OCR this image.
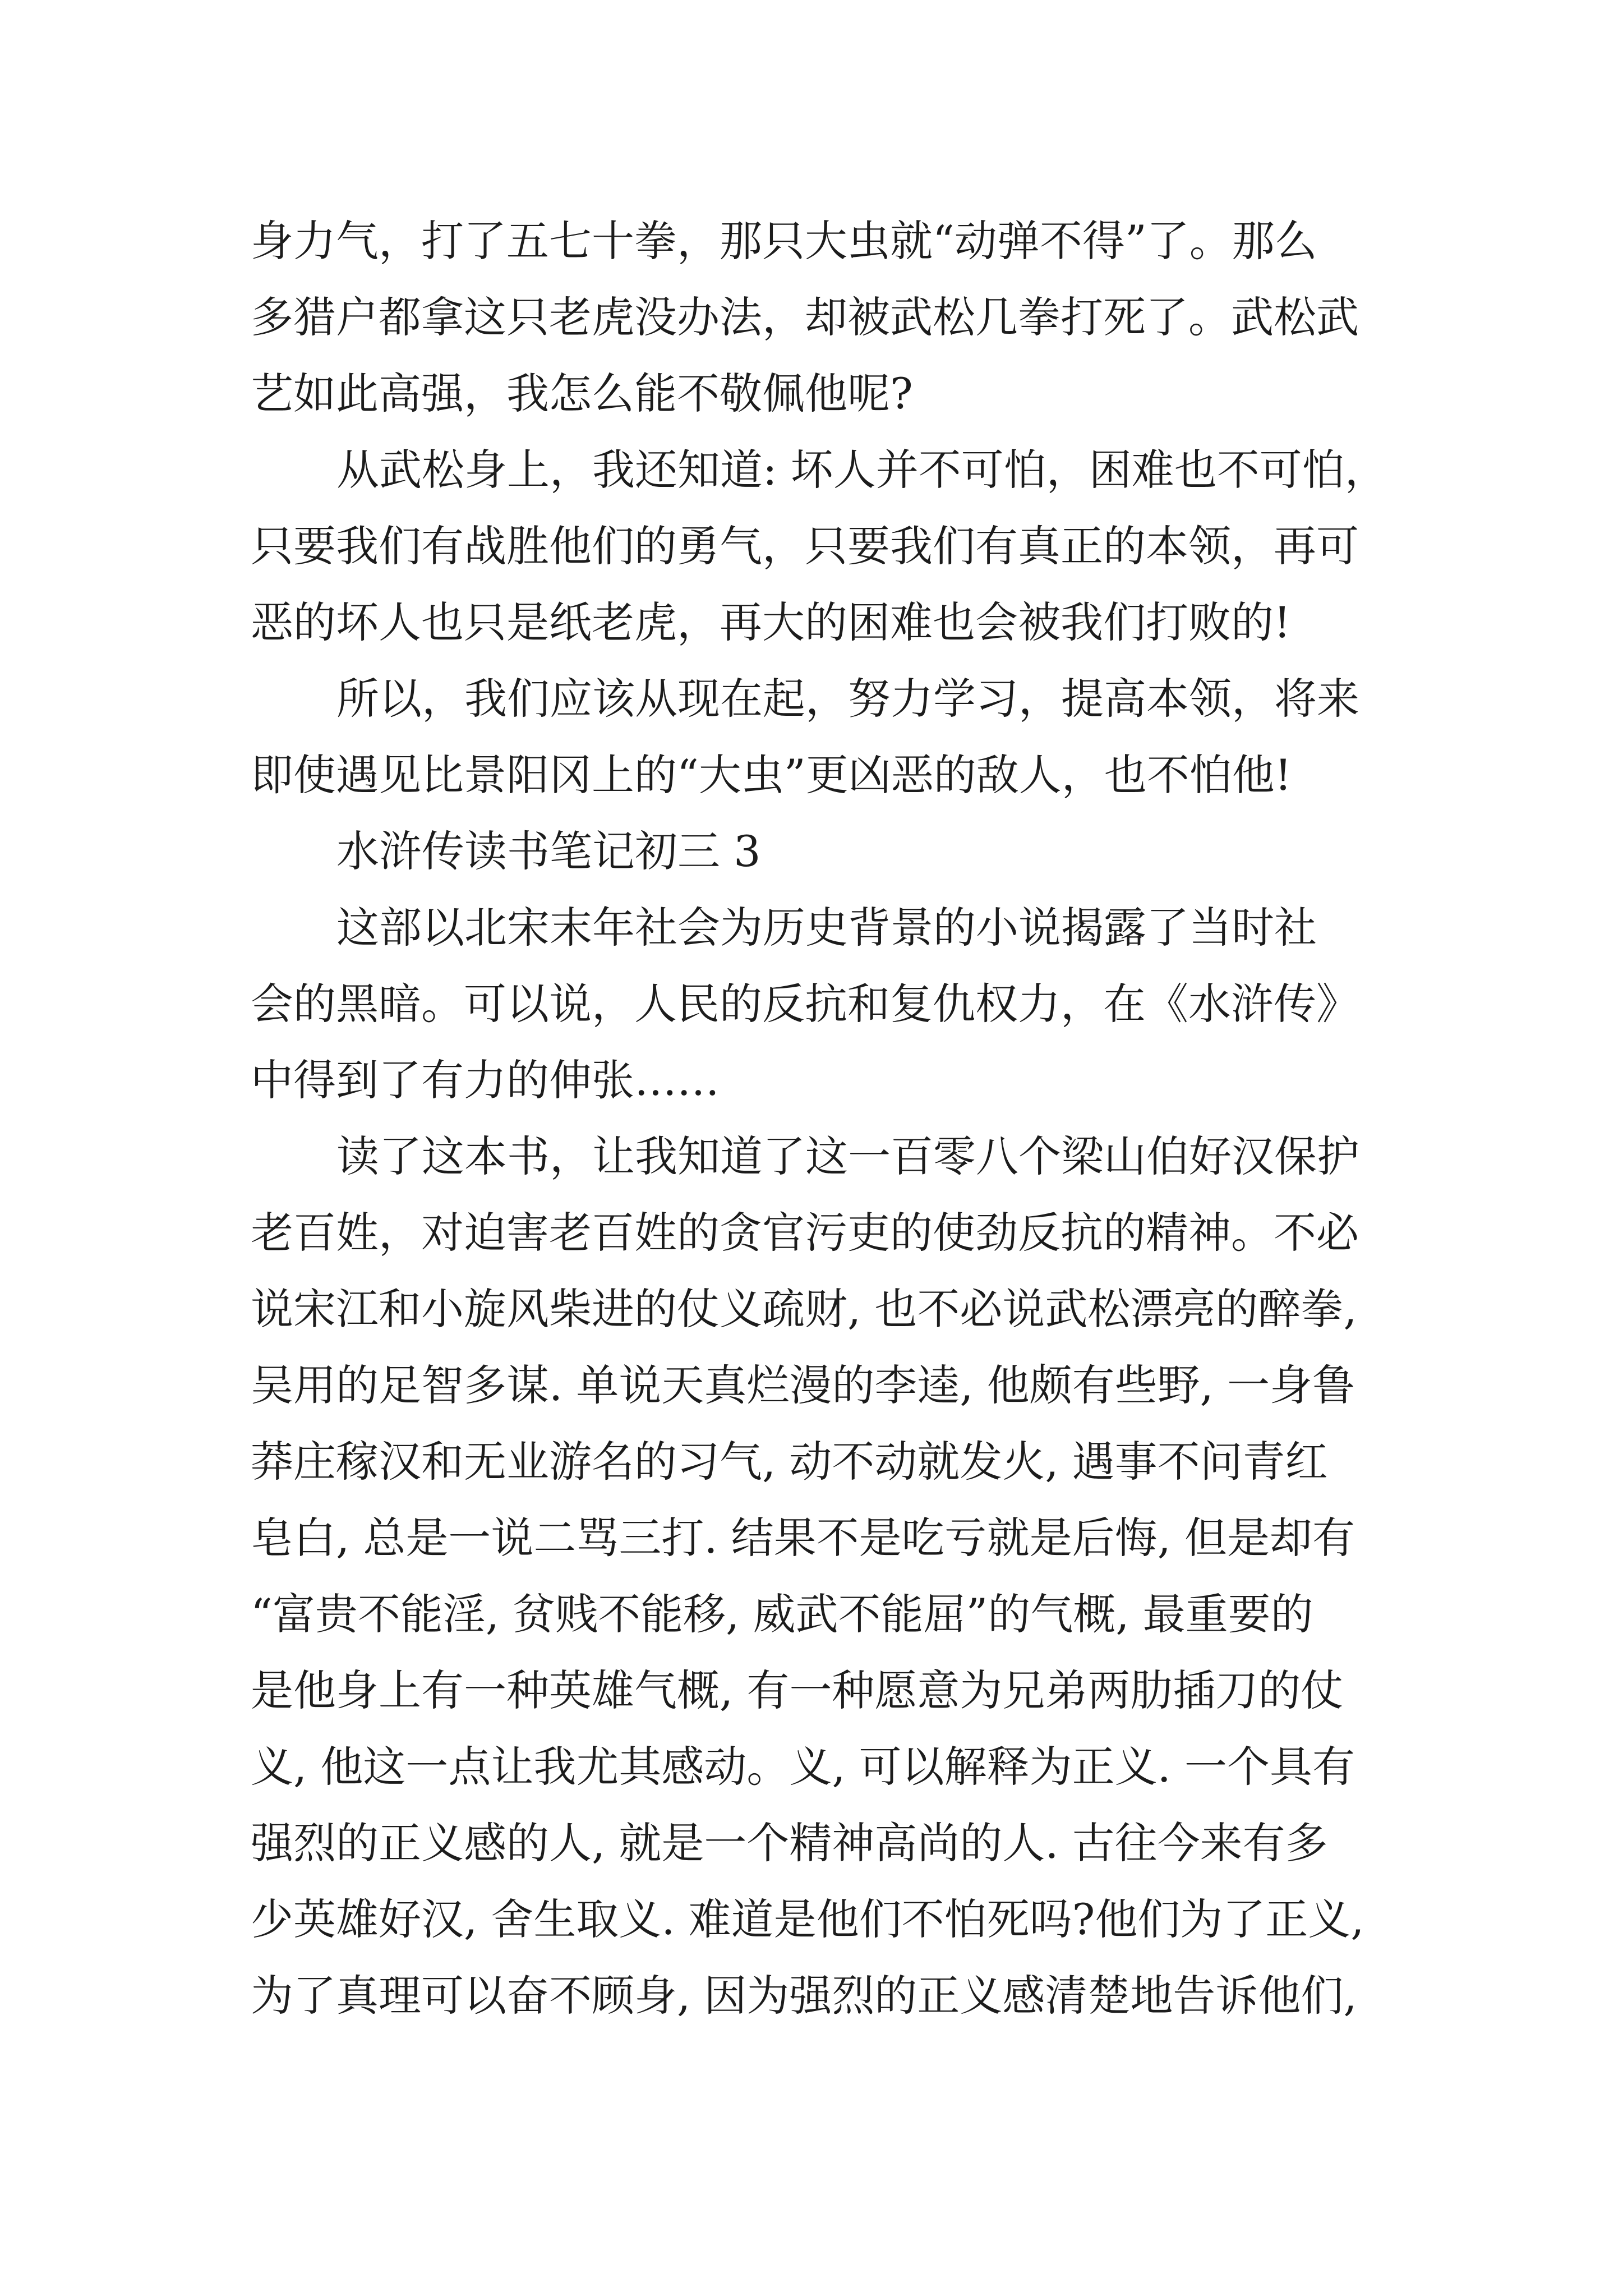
身力气，打了五七十拳，那只大虫就“动弹不得”了。那么
多猎户都拿这只老虎没办法，却被武松几拳打死了。武松武
艺如此高强，我怎么能不敬佩他呢?
从武松身上，我还知道: 坏人并不可怕，困难也不可怕，
只要我们有战胜他们的勇气，只要我们有真正的本领，再可
恶的坏人也只是纸老虎，再大的困难也会被我们打败的!
所以，我们应该从现在起，努力学习，提高本领，将来
即使遇见比景阳冈上的“大虫”更凶恶的敌人，也不怕他!
水浒传读书笔记初三 3
这部以北宋末年社会为历史背景的小说揭露了当时社
会的黑暗。可以说，人民的反抗和复仇权力，在《水浒传》
中得到了有力的伸张……
读了这本书，让我知道了这一百零八个梁山伯好汉保护
老百姓，对迫害老百姓的贪官污吏的使劲反抗的精神。不必
说宋江和小旋风柴进的仗义疏财, 也不必说武松漂亮的醉拳,
吴用的足智多谋. 单说天真烂漫的李逵, 他颇有些野, 一身鲁
莽庄稼汉和无业游名的习气, 动不动就发火, 遇事不问青红
皂白, 总是一说二骂三打. 结果不是吃亏就是后悔, 但是却有
“富贵不能淫, 贫贱不能移, 威武不能屈”的气概, 最重要的
是他身上有一种英雄气概, 有一种愿意为兄弟两肋插刀的仗
义, 他这一点让我尤其感动。义, 可以解释为正义. 一个具有
强烈的正义感的人, 就是一个精神高尚的人. 古往今来有多
少英雄好汉, 舍生取义. 难道是他们不怕死吗?他们为了正义,
为了真理可以奋不顾身, 因为强烈的正义感清楚地告诉他们,
